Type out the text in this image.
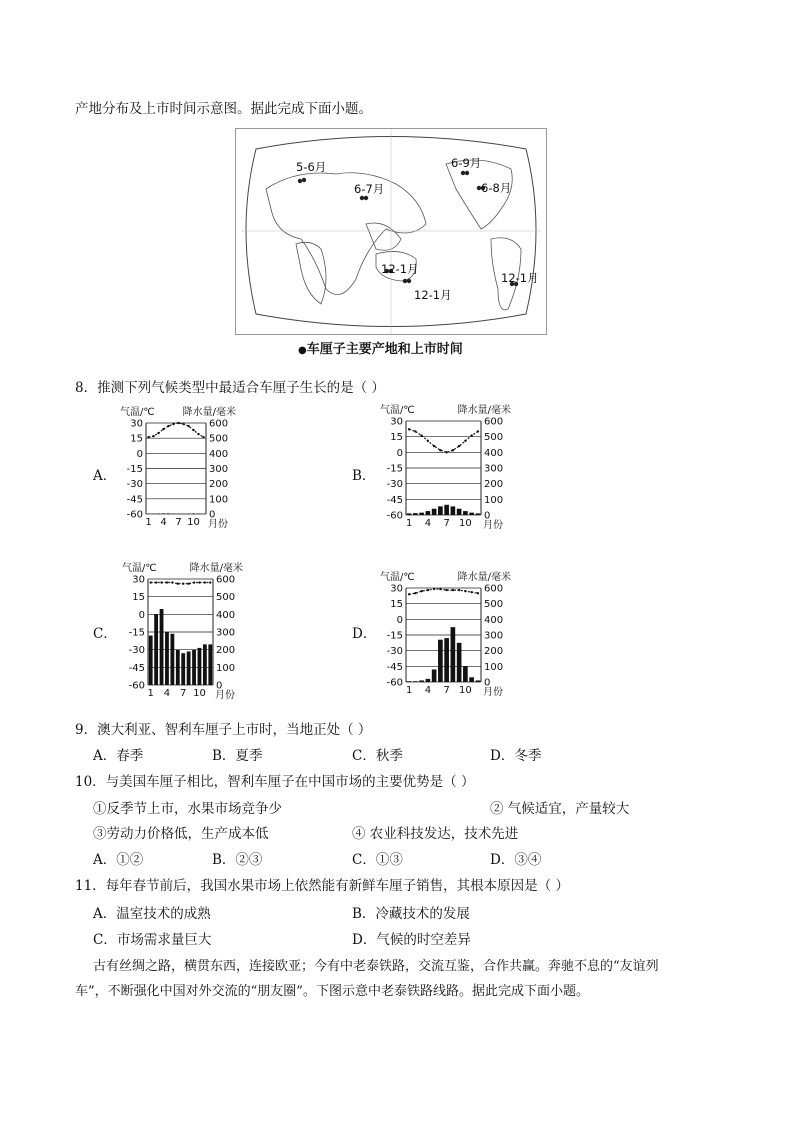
产地分布及上市时间示意图。据此完成下面小题。
5-6月
6-7月
6-9月
6-8月
12-1月
12-1月
12-1月
●车厘子主要产地和上市时间
8．推测下列气候类型中最适合车厘子生长的是（ ）
A．	B．
C．	D．
气温/℃	降水量/毫米
30	600
15	500
0	400
-15	300
-30	200
-45	100
-60	0
1 4 7 10 月份
气温/℃	降水量/毫米
30	600
15	500
0	400
-15	300
-30	200
-45	100
-60	0
1 4 7 10 月份
气温/℃	降水量/毫米
30	600
15	500
0	400
-15	300
-30	200
-45	100
-60	0
1 4 7 10 月份
气温/℃	降水量/毫米
30	600
15	500
0	400
-15	300
-30	200
-45	100
-60	0
1 4 7 10 月份
9．澳大利亚、智利车厘子上市时，当地正处（ ）
A．春季	B．夏季	C．秋季	D．冬季
10．与美国车厘子相比，智利车厘子在中国市场的主要优势是（ ）
①反季节上市，水果市场竞争少	② 气候适宜，产量较大
③劳动力价格低，生产成本低	④ 农业科技发达，技术先进
A．①②	B．②③	C．①③	D．③④
11．每年春节前后，我国水果市场上依然能有新鲜车厘子销售，其根本原因是（ ）
A．温室技术的成熟	B．冷藏技术的发展
C．市场需求量巨大	D．气候的时空差异
古有丝绸之路，横贯东西，连接欧亚；今有中老泰铁路，交流互鉴，合作共赢。奔驰不息的“友谊列
车”，不断强化中国对外交流的“朋友圈”。下图示意中老泰铁路线路。据此完成下面小题。
